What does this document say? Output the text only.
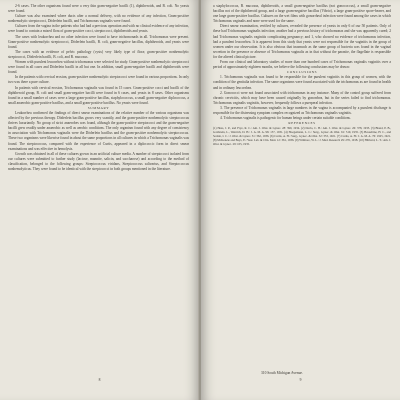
2-6 cases. The other organisms found were a very thin gram-negative bacilli (1), diphtheroids, and B. coli. No yeasts were found.

Culture was also examined where ducts after a normal delivery, with no evidence of any infection, Gram-positive nonhemolytic streptococci, Döderlein bacilli, and Trichomonas vaginalis were found.

Cultures from the vagina in the patients who had had a previous operation and with no clinical evidence of any infection, were found to contain a mixed flora of gram-positive cocci, streptococci, diphtheroids and yeasts.

The cases with leukorrhea and no other infection were found to have trichomonads in all. Trichomonas were present. Gram-positive nonhemolytic streptococci, Döderlein bacilli, B. coli, gram-negative bacillus, diphtheroids, and yeasts were found.

The cases with an evidence of pelvic pathology (cysts) very likely type of flora; gram-positive nonhemolytic streptococci, Döderlein bacilli, B. coli, and B. mucosus.

Women with purulent leucorrhea without trichomonas were selected for study. Gram-positive nonhemolytic streptococci were found in all cases and Döderlein bacilli in all but one. In addition, small gram-negative bacilli and diphtheroids were found.

In the patients with cervical erosion, gram-positive nonhemolytic streptococci were found in various proportions. In only two was there a pure culture.

In patients with cervical erosion, Trichomonas vaginalis was found in 15 cases. Gram-positive cocci and bacilli of the diphtheroid group, B. coli and small gram-negative bacilli were found in 6 cases, and yeasts in 8 cases. Other organisms found in a small number of cases were a large gram-positive bacillus, staphylococcus, a small gram-negative diplococcus, a small anaerobic gram-positive bacillus, and a small gram-positive bacillus. No yeasts were found.

SUMMARY

Leukorrhea confirmed the findings of direct smear examinations of the relative number of the various organisms was affected by the previous therapy. Döderlein bacillus grows very scantily, and the gram-positive nonhemolytic streptococcus thrives luxuriantly. No group of strict anaerobes was found, although the gram-positive streptococci and the gram-negative bacilli grew readily under anaerobic as well as aerobic conditions. The only organism found with any degree of consistency in association with Trichomonas vaginalis were the Döderlein bacillus and the gram-positive nonhemolytic streptococcus. These two organisms were likewise found in about the same proportions in all cultures in which a Trichomonas vaginalis was found. The streptococcus, compared with the experience of Curtis, appeared in a diplococcic form in direct smear examinations and was effective in hemolysis.

Growth was obtained in all of these cultures grown in an artificial culture media. A number of streptococci isolated from our cultures were submitted to further study (lactose, mannite, salicin, and saccharose) and according to the method of classification, belonged to the following groups: Streptococcus viridans, Streptococcus salivarius, and Streptococcus nonhemolyticus. They were found to be identical with the streptococci in both groups mentioned in the literature.

8

a staphylococcus, B. mucosus, diphtheroids, a small gram-negative bacillus (not gonococcus), a small gram-negative bacillus not of the diphtheroid group, and a large gram-negative bacillus (Vibrio), a large gram-positive spore-bearer, and one large gram-positive bacillus. Cultures on the wet films with gonorrheal infection were found among the cases in which Trichomonas vaginalis and none were used for the same.

Direct smear examination, verified by cultures, revealed the presence of yeasts in only 6 of our 50 patients. Only of these had Trichomonas vaginalis infection; another had a previous history of trichomonas and she was apparently cured; 2 had Trichomonas vaginalis vaginitis complicating pregnancy; and 1, who showed no evidence of trichomonas infection, had a purulent leucorrhea. It is apparent from this study that yeasts were not responsible for the vaginitis in the group of women under our observation. It is also obvious that inasmuch as the same group of bacteria was found in the vaginal secretion in the presence or absence of Trichomonas vaginalis as in that without the parasite, the flagellate is responsible for the altered clinical picture.

From our clinical and laboratory studies of more than one hundred cases of Trichomonas vaginalis vaginitis over a period of approximately eighteen months, we believe the following conclusions may be drawn:

CONCLUSIONS

1. Trichomonas vaginalis was found to be responsible for the purulent vaginitis in this group of women, with the condition of the genitalia infection. The same organisms were found associated with the trichomonas as are found in health and in ordinary leucorrhea.

2. Gonococci were not found associated with trichomonas in any instance. Many of the control group suffered from chronic cervicitis, which may have been caused originally by gonorrhea, but in the series failed to find trichomonas. Trichomonas vaginalis vaginitis, however, frequently follows a puerperal infection.

3. The presence of Trichomonas vaginalis in large numbers in the vagina is accompanied by a purulent discharge is responsible for the distressing symptom complex recognized as Trichomonas vaginalis vaginitis.

4. Trichomonas vaginalis is pathogenic for human beings under certain suitable conditions.

REFERENCES

(1) Hess, J. P., and Frye, R. C.: Am. J. Obst. & Gynec. 28: 399, 1934. (2) Davis, C. H.: Am. J. Obst. & Gynec. 26: 378, 1933. (3) Bland, P. B., Goldstein, L., Wenrich, D. H.: J. A. M. A. 96: 157, 1931. (4) Hoegemann, L. C.: Surg., Gynec. & Obst. 61: 519, 1935. (5) Hesseltine, H. C., and Sorkin, I. C.: J. Obst. & Gynec. 31: 362, 1936. (6) Curtis, A. H.: Surg., Gynec. & Obst. 32: 353, 1921. (7) Curtis, A. H.: J. A. M. A. 76: 1925, 1921. (8) McKenzie and Bays, E.: Year. Lab. & Clin. Med. 12: 361, 1936. (9) Wilmore, W. L.: J. Med. Research 29: 276, 1918. (10) Hibbard, L. T.: Am. J. Obst. & Gynec. 29: 105, 1935.

310 South Michigan Avenue.
9
